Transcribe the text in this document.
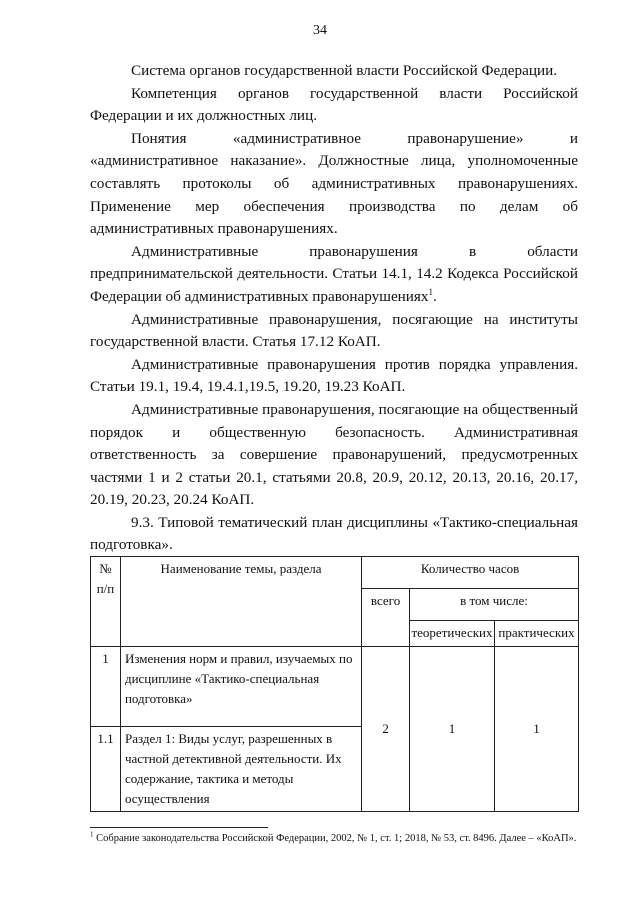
34

Система органов государственной власти Российской Федерации.

Компетенция органов государственной власти Российской Федерации и их должностных лиц.

Понятия «административное правонарушение» и «административное наказание». Должностные лица, уполномоченные составлять протоколы об административных правонарушениях. Применение мер обеспечения производства по делам об административных правонарушениях.

Административные правонарушения в области предпринимательской деятельности. Статьи 14.1, 14.2 Кодекса Российской Федерации об административных правонарушениях$^1$.

Административные правонарушения, посягающие на институты государственной власти. Статья 17.12 КоАП.

Административные правонарушения против порядка управления. Статьи 19.1, 19.4, 19.4.1,19.5, 19.20, 19.23 КоАП.

Административные правонарушения, посягающие на общественный порядок и общественную безопасность. Административная ответственность за совершение правонарушений, предусмотренных частями 1 и 2 статьи 20.1, статьями 20.8, 20.9, 20.12, 20.13, 20.16, 20.17, 20.19, 20.23, 20.24 КоАП.

9.3. Типовой тематический план дисциплины «Тактико-специальная подготовка».

№ п/п	Наименование темы, раздела	Количество часов		
		всего	в том числе:	
			теоретических	практических
1	Изменения норм и правил, изучаемых по дисциплине «Тактико-специальная подготовка»	2	1	1
1.1	Раздел 1: Виды услуг, разрешенных в частной детективной деятельности. Их содержание, тактика и методы осуществления			
$^1$ Собрание законодательства Российской Федерации, 2002, № 1, ст. 1; 2018, № 53, ст. 8496. Далее – «КоАП».
